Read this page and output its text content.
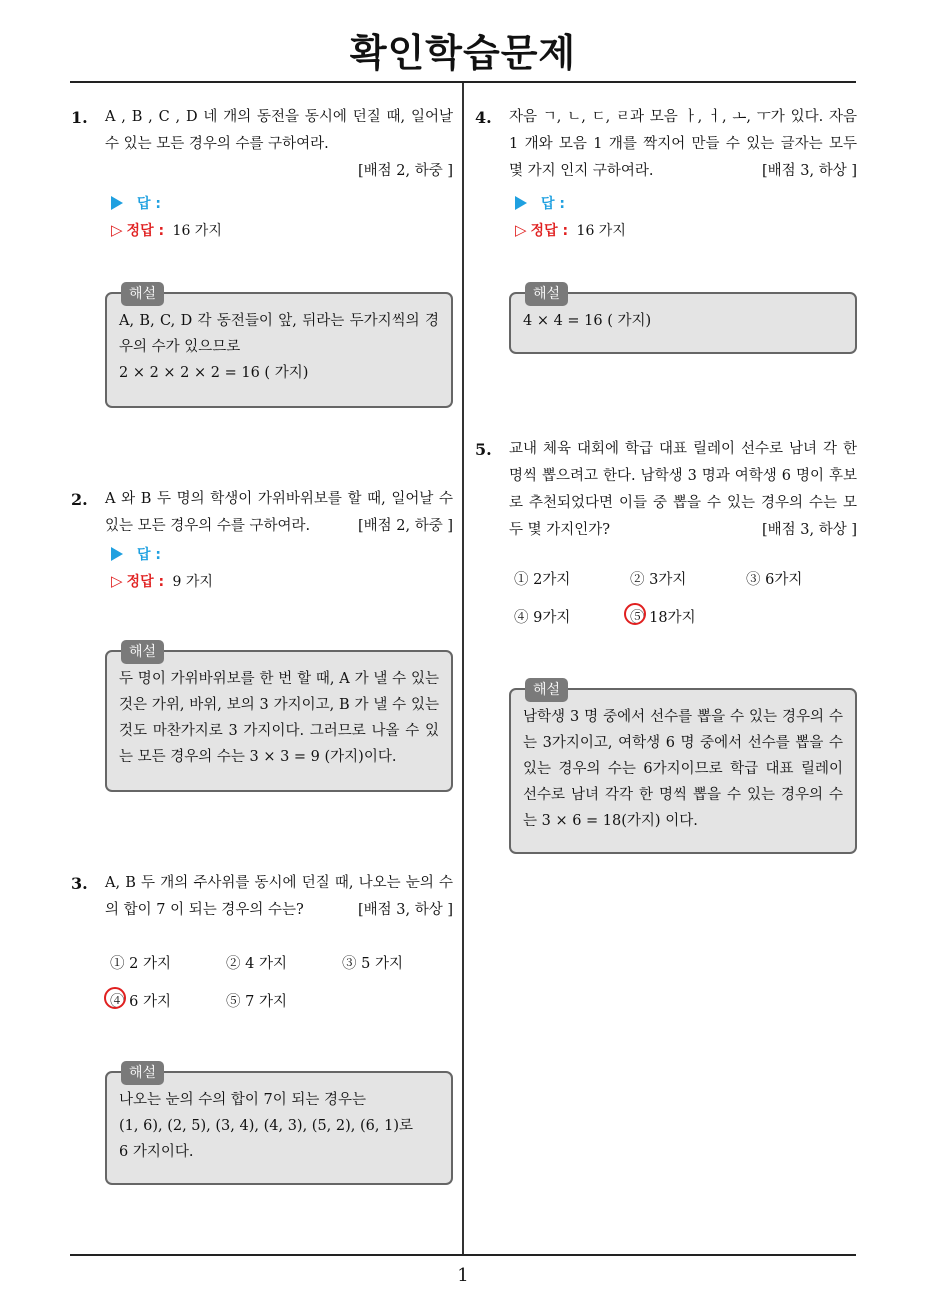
확인학습문제
1. A , B , C , D 네 개의 동전을 동시에 던질 때, 일어날 수 있는 모든 경우의 수를 구하여라.
[배점 2, 하중 ]
답 :
▷ 정답 : 16 가지
해설
A, B, C, D 각 동전들이 앞, 뒤라는 두가지씩의 경우의 수가 있으므로
2 × 2 × 2 × 2 = 16 ( 가지)
2. A 와 B 두 명의 학생이 가위바위보를 할 때, 일어날 수 있는 모든 경우의 수를 구하여라.	[배점 2, 하중 ]
답 :
▷ 정답 : 9 가지
해설
두 명이 가위바위보를 한 번 할 때, A 가 낼 수 있는 것은 가위, 바위, 보의 3 가지이고, B 가 낼 수 있는 것도 마찬가지로 3 가지이다. 그러므로 나올 수 있는 모든 경우의 수는 3 × 3 = 9 (가지)이다.
3. A, B 두 개의 주사위를 동시에 던질 때, 나오는 눈의 수의 합이 7 이 되는 경우의 수는?	[배점 3, 하상 ]
① 2 가지	② 4 가지	③ 5 가지
④ 6 가지	⑤ 7 가지
해설
나오는 눈의 수의 합이 7이 되는 경우는
(1, 6), (2, 5), (3, 4), (4, 3), (5, 2), (6, 1)로
6 가지이다.
4. 자음 ㄱ, ㄴ, ㄷ, ㄹ과 모음 ㅏ, ㅓ, ㅗ, ㅜ가 있다. 자음 1 개와 모음 1 개를 짝지어 만들 수 있는 글자는 모두 몇 가지 인지 구하여라.	[배점 3, 하상 ]
답 :
▷ 정답 : 16 가지
해설
4 × 4 = 16 ( 가지)
5. 교내 체육 대회에 학급 대표 릴레이 선수로 남녀 각 한 명씩 뽑으려고 한다. 남학생 3 명과 여학생 6 명이 후보로 추천되었다면 이들 중 뽑을 수 있는 경우의 수는 모두 몇 가지인가?	[배점 3, 하상 ]
① 2가지	② 3가지	③ 6가지
④ 9가지	⑤ 18가지
해설
남학생 3 명 중에서 선수를 뽑을 수 있는 경우의 수는 3가지이고, 여학생 6 명 중에서 선수를 뽑을 수 있는 경우의 수는 6가지이므로 학급 대표 릴레이 선수로 남녀 각각 한 명씩 뽑을 수 있는 경우의 수는 3 × 6 = 18(가지) 이다.
1
